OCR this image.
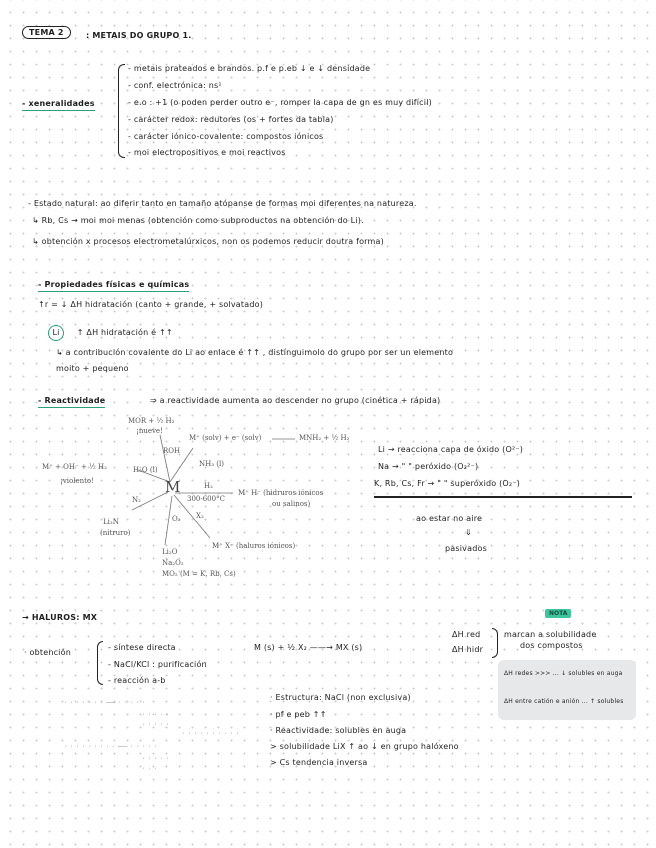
TEMA 2	: METAIS DO GRUPO 1.
- xeneralidades
- metais prateados e brandos. p.f e p.eb ↓ e ↓ densidade
- conf. electrónica: ns¹
- e.o : +1 (o poden perder outro e⁻, romper la capa de gn es muy difícil)
- carácter redox: redutores (os + fortes da tabla)
- carácter iónico-covalente: compostos iónicos
- moi electropositivos e moi reactivos
- Estado natural: ao diferir tanto en tamaño atópanse de formas moi diferentes na natureza.
↳ Rb, Cs → moi moi menas (obtención como subproductos na obtención do Li).
↳ obtención x procesos electrometalúrxicos, non os podemos reducir doutra forma)
- Propiedades físicas e químicas
↑r = ↓ ΔH hidratación (canto + grande, + solvatado)
Li ↑ ΔH hidratación é ↑↑
↳ a contribución covalente do Li ao enlace é ↑↑ , distínguimolo do grupo por ser un elemento
moito + pequeno
- Reactividade	⇒ a reactividade aumenta ao descender no grupo (cinética + rápida)
MOR + ½ H₂
¡nueve!
ROH
M⁺ + OH⁻ + ½ H₂
¡violento!
H₂O (l)
M⁺ (solv) + e⁻ (solv)	MNH₂ + ½ H₂
NH₃ (l)
H₂
300-600°C
M⁺ H⁻ (hidruros iónicos
ou salinos)
N₂
Li₃N
(nitruro)
O₂ X₂
M⁺ X⁻ (haluros iónicos)
Li₂O
Na₂O₂
MO₂ (M = K, Rb, Cs)
M
Li → reacciona capa de óxido (O²⁻)
Na → " " peróxido (O₂²⁻)
K, Rb, Cs, Fr → " " superóxido (O₂⁻)
ao estar no aire
⇓
pasivados
NOTA
→ HALUROS: MX
ΔH red
ΔH hidr
marcan a solubilidade
dos compostos
· obtención
- síntese directa
- NaCl/KCl : purificación
- reacción a-b
M (s) + ½ X₂ ——→ MX (s)
ΔH redes >>> ... ↓ solubles en auga
ΔH entre catión e anión ... ↑ solubles
· · · · · · · ——— · · · · ·
· · · · ·
· · · · ·
· · · · · · · · · ·
· · · · · · · · · ——— · · · · ·
· · · · ·
· · ·
· Estructura: NaCl (non exclusiva)
· pf e peb ↑↑
· Reactividade: solubles en auga
> solubilidade LiX ↑ ao ↓ en grupo halóxeno
> Cs tendencia inversa
